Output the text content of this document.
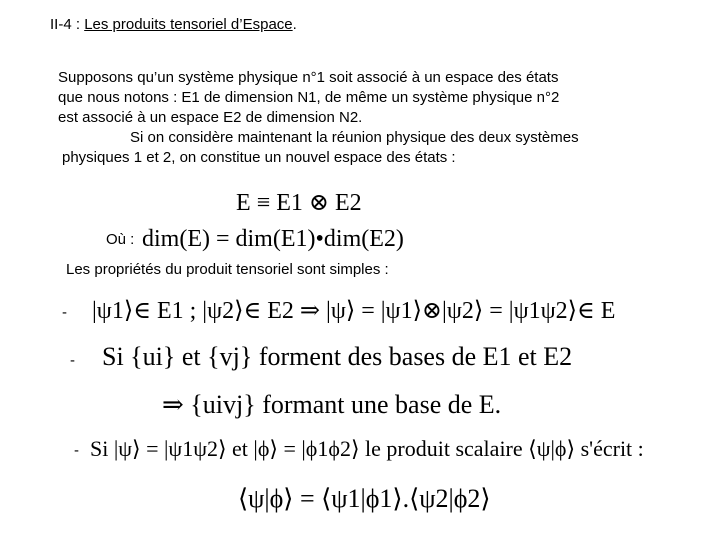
II-4 : Les produits tensoriel d’Espace.
Supposons qu’un système physique n°1 soit associé à un espace des états
que nous notons : E1 de dimension N1, de même un système physique n°2
est associé à un espace E2 de dimension N2.
Si on considère maintenant la réunion physique des deux systèmes
physiques 1 et 2, on constitue un nouvel espace des états :
E ≡ E1 ⊗ E2
Où : dim(E) = dim(E1)•dim(E2)
Les propriétés du produit tensoriel sont simples :
- |ψ1⟩∈ E1 ; |ψ2⟩∈ E2 ⇒ |ψ⟩ = |ψ1⟩⊗|ψ2⟩ = |ψ1ψ2⟩∈ E
- Si {ui} et {vj} forment des bases de E1 et E2
⇒ {uivj} formant une base de E.
- Si |ψ⟩ = |ψ1ψ2⟩ et |ϕ⟩ = |ϕ1ϕ2⟩ le produit scalaire ⟨ψ|ϕ⟩ s'écrit :
⟨ψ|ϕ⟩ = ⟨ψ1|ϕ1⟩.⟨ψ2|ϕ2⟩
